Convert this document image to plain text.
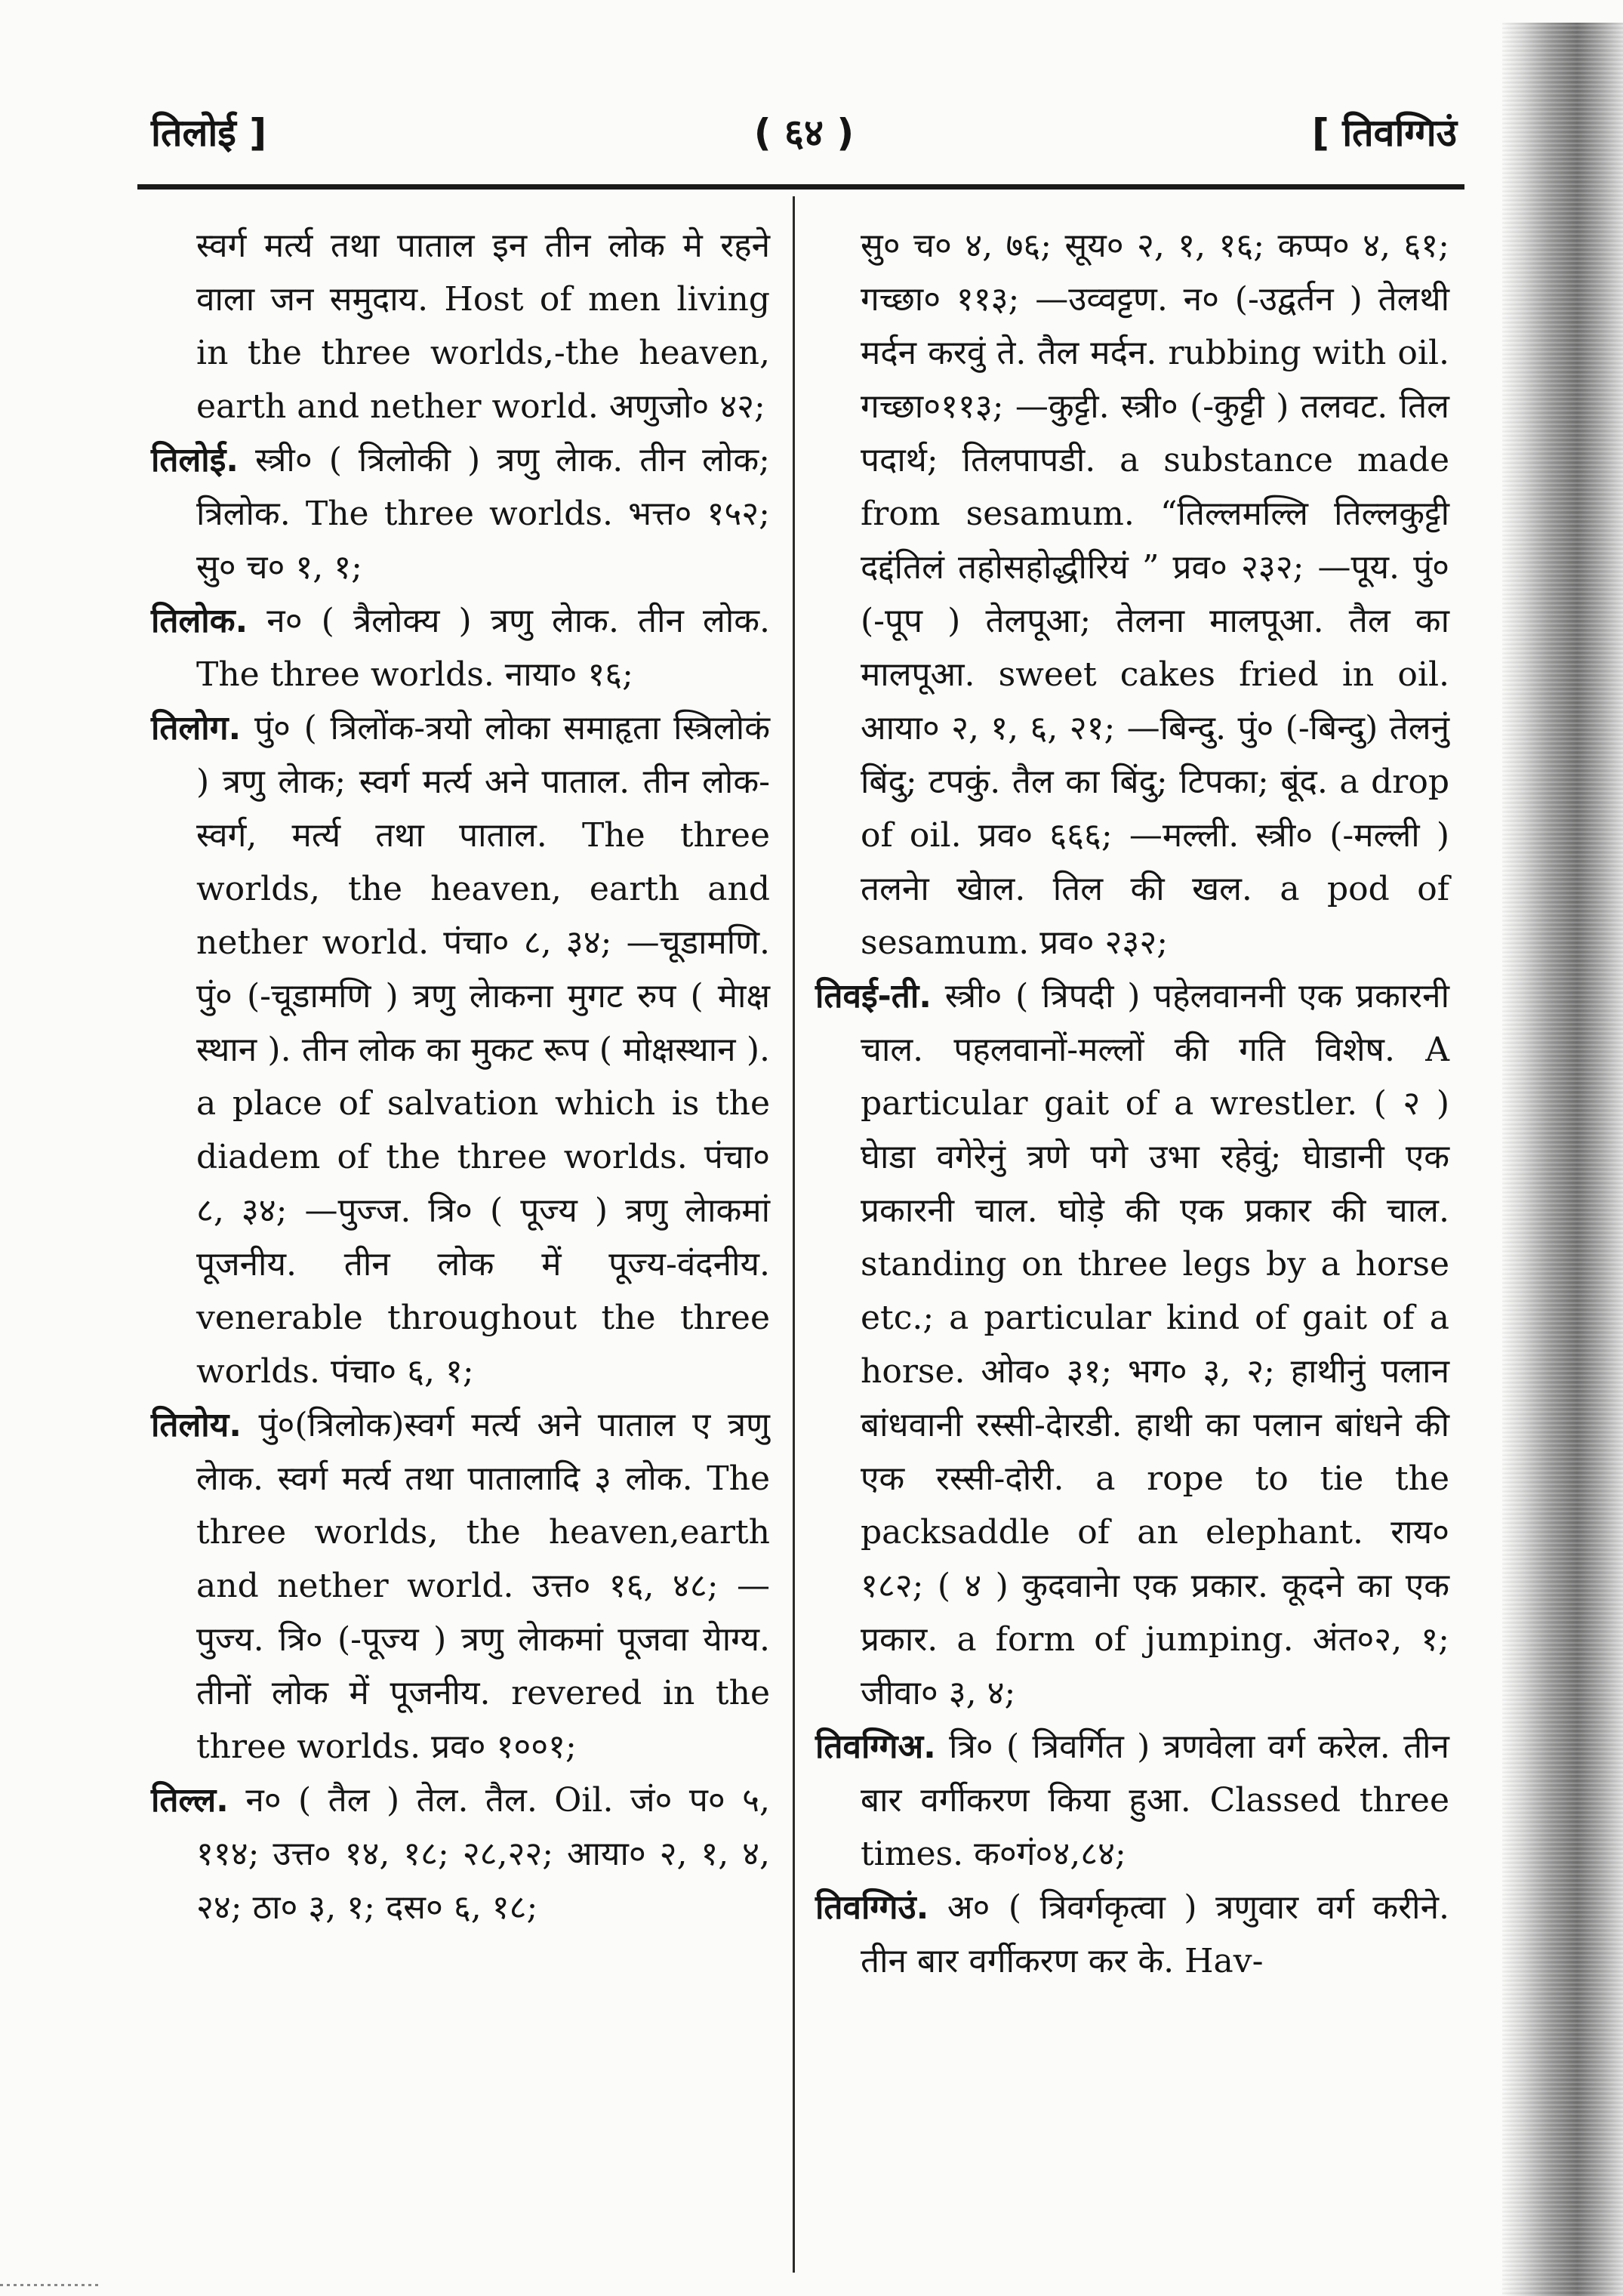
तिलोई ]	( ६४ )	[ तिवग्गिउं

स्वर्ग मर्त्य तथा पाताल इन तीन लोक मे रहने वाला जन समुदाय. Host of men living in the three worlds,-the heaven, earth and nether world. अणुजो० ४२;

तिलोई. स्त्री० ( त्रिलोकी ) त्रणु लेाक. तीन लोक; त्रिलोक. The three worlds. भत्त० १५२; सु० च० १, १;

तिलोक. न० ( त्रैलोक्य ) त्रणु लेाक. तीन लोक. The three worlds. नाया० १६;

तिलोग. पुं० ( त्रिलोंक-त्रयो लोका समाहृता स्त्रिलोकं ) त्रणु लेाक; स्वर्ग मर्त्य अने पाताल. तीन लोक-स्वर्ग, मर्त्य तथा पाताल. The three worlds, the heaven, earth and nether world. पंचा० ८, ३४; —चूडामणि. पुं० (-चूडामणि ) त्रणु लेाकना मुगट रुप ( मेाक्ष स्थान ). तीन लोक का मुकट रूप ( मोक्षस्थान ). a place of salvation which is the diadem of the three worlds. पंचा० ८, ३४; —पुज्ज. त्रि० ( पूज्य ) त्रणु लेाकमां पूजनीय. तीन लोक में पूज्य-वंदनीय. venerable throughout the three worlds. पंचा० ६, १;

तिलोय. पुं०(त्रिलोक)स्वर्ग मर्त्य अने पाताल ए त्रणु लेाक. स्वर्ग मर्त्य तथा पातालादि ३ लोक. The three worlds, the heaven,earth and nether world. उत्त० १६, ४८; —पुज्य. त्रि० (-पूज्य ) त्रणु लेाकमां पूजवा येाग्य. तीनों लोक में पूजनीय. revered in the three worlds. प्रव० १००१;

तिल्ल. न० ( तैल ) तेल. तैल. Oil. जं० प० ५, ११४; उत्त० १४, १८; २८,२२; आया० २, १, ४, २४; ठा० ३, १; दस० ६, १८;

सु० च० ४, ७६; सूय० २, १, १६; कप्प० ४, ६१; गच्छा० ११३; —उव्वट्टण. न० (-उद्वर्तन ) तेलथी मर्दन करवुं ते. तैल मर्दन. rubbing with oil. गच्छा०११३; —कुट्टी. स्त्री० (-कुट्टी ) तलवट. तिल पदार्थ; तिलपापडी. a substance made from sesamum. “तिल्लमल्लि तिल्लकुट्टी दद्दंतिलं तहोसहोद्धीरियं ” प्रव० २३२; —पूय. पुं० (-पूप ) तेलपूआ; तेलना मालपूआ. तैल का मालपूआ. sweet cakes fried in oil. आया० २, १, ६, २१; —बिन्दु. पुं० (-बिन्दु) तेलनुं बिंदु; टपकुं. तैल का बिंदु; टिपका; बूंद. a drop of oil. प्रव० ६६६; —मल्ली. स्त्री० (-मल्ली ) तलनेा खेाल. तिल की खल. a pod of sesamum. प्रव० २३२;

तिवई-ती. स्त्री० ( त्रिपदी ) पहेलवाननी एक प्रकारनी चाल. पहलवानों-मल्लों की गति विशेष. A particular gait of a wrestler. ( २ ) घेाडा वगेरेनुं त्रणे पगे उभा रहेवुं; घेाडानी एक प्रकारनी चाल. घोड़े की एक प्रकार की चाल. standing on three legs by a horse etc.; a particular kind of gait of a horse. ओव० ३१; भग० ३, २; हाथीनुं पलान बांधवानी रस्सी-देारडी. हाथी का पलान बांधने की एक रस्सी-दोरी. a rope to tie the packsaddle of an elephant. राय० १८२; ( ४ ) कुदवानेा एक प्रकार. कूदने का एक प्रकार. a form of jumping. अंत०२, १; जीवा० ३, ४;

तिवग्गिअ. त्रि० ( त्रिवर्गित ) त्रणवेला वर्ग करेल. तीन बार वर्गीकरण किया हुआ. Classed three times. क०गं०४,८४;

तिवग्गिउं. अ० ( त्रिवर्गकृत्वा ) त्रणुवार वर्ग करीने. तीन बार वर्गीकरण कर के. Hav-
